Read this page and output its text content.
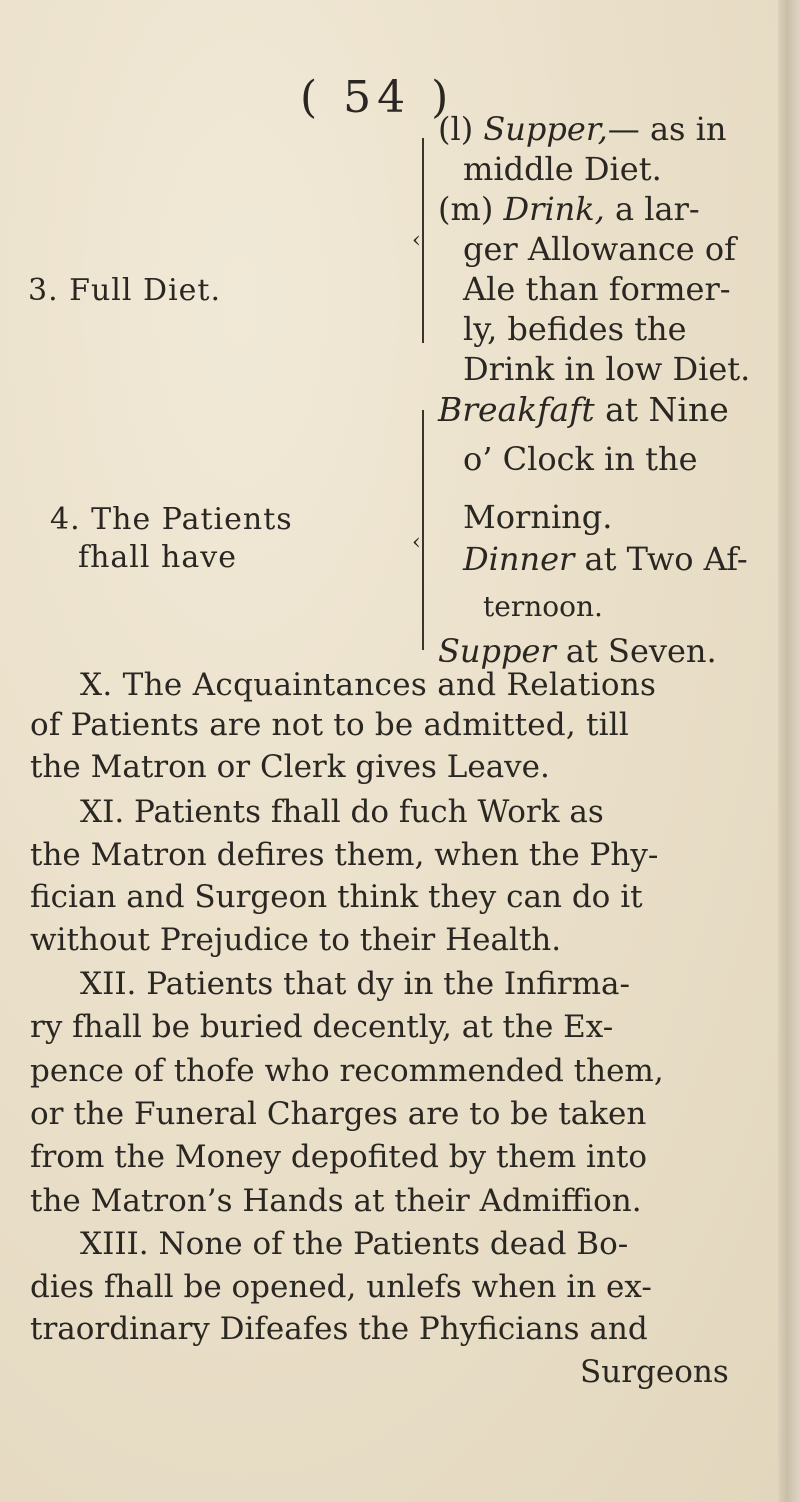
( 54 )
3. Full Diet.
‹
(l) Supper,— as in
middle Diet.
(m) Drink, a lar-
ger Allowance of
Ale than former-
ly, befides the
Drink in low Diet.
4. The Patients
fhall have	‹
Breakfaft at Nine
o’ Clock in the
Morning.
Dinner at Two Af-
ternoon.
Supper at Seven.
X. The Acquaintances and Relations
of Patients are not to be admitted, till
the Matron or Clerk gives Leave.
XI. Patients fhall do fuch Work as
the Matron defires them, when the Phy-
fician and Surgeon think they can do it
without Prejudice to their Health.
XII. Patients that dy in the Infirma-
ry fhall be buried decently, at the Ex-
pence of thofe who recommended them,
or the Funeral Charges are to be taken
from the Money depofited by them into
the Matron’s Hands at their Admiffion.
XIII. None of the Patients dead Bo-
dies fhall be opened, unlefs when in ex-
traordinary Difeafes the Phyficians and
Surgeons
